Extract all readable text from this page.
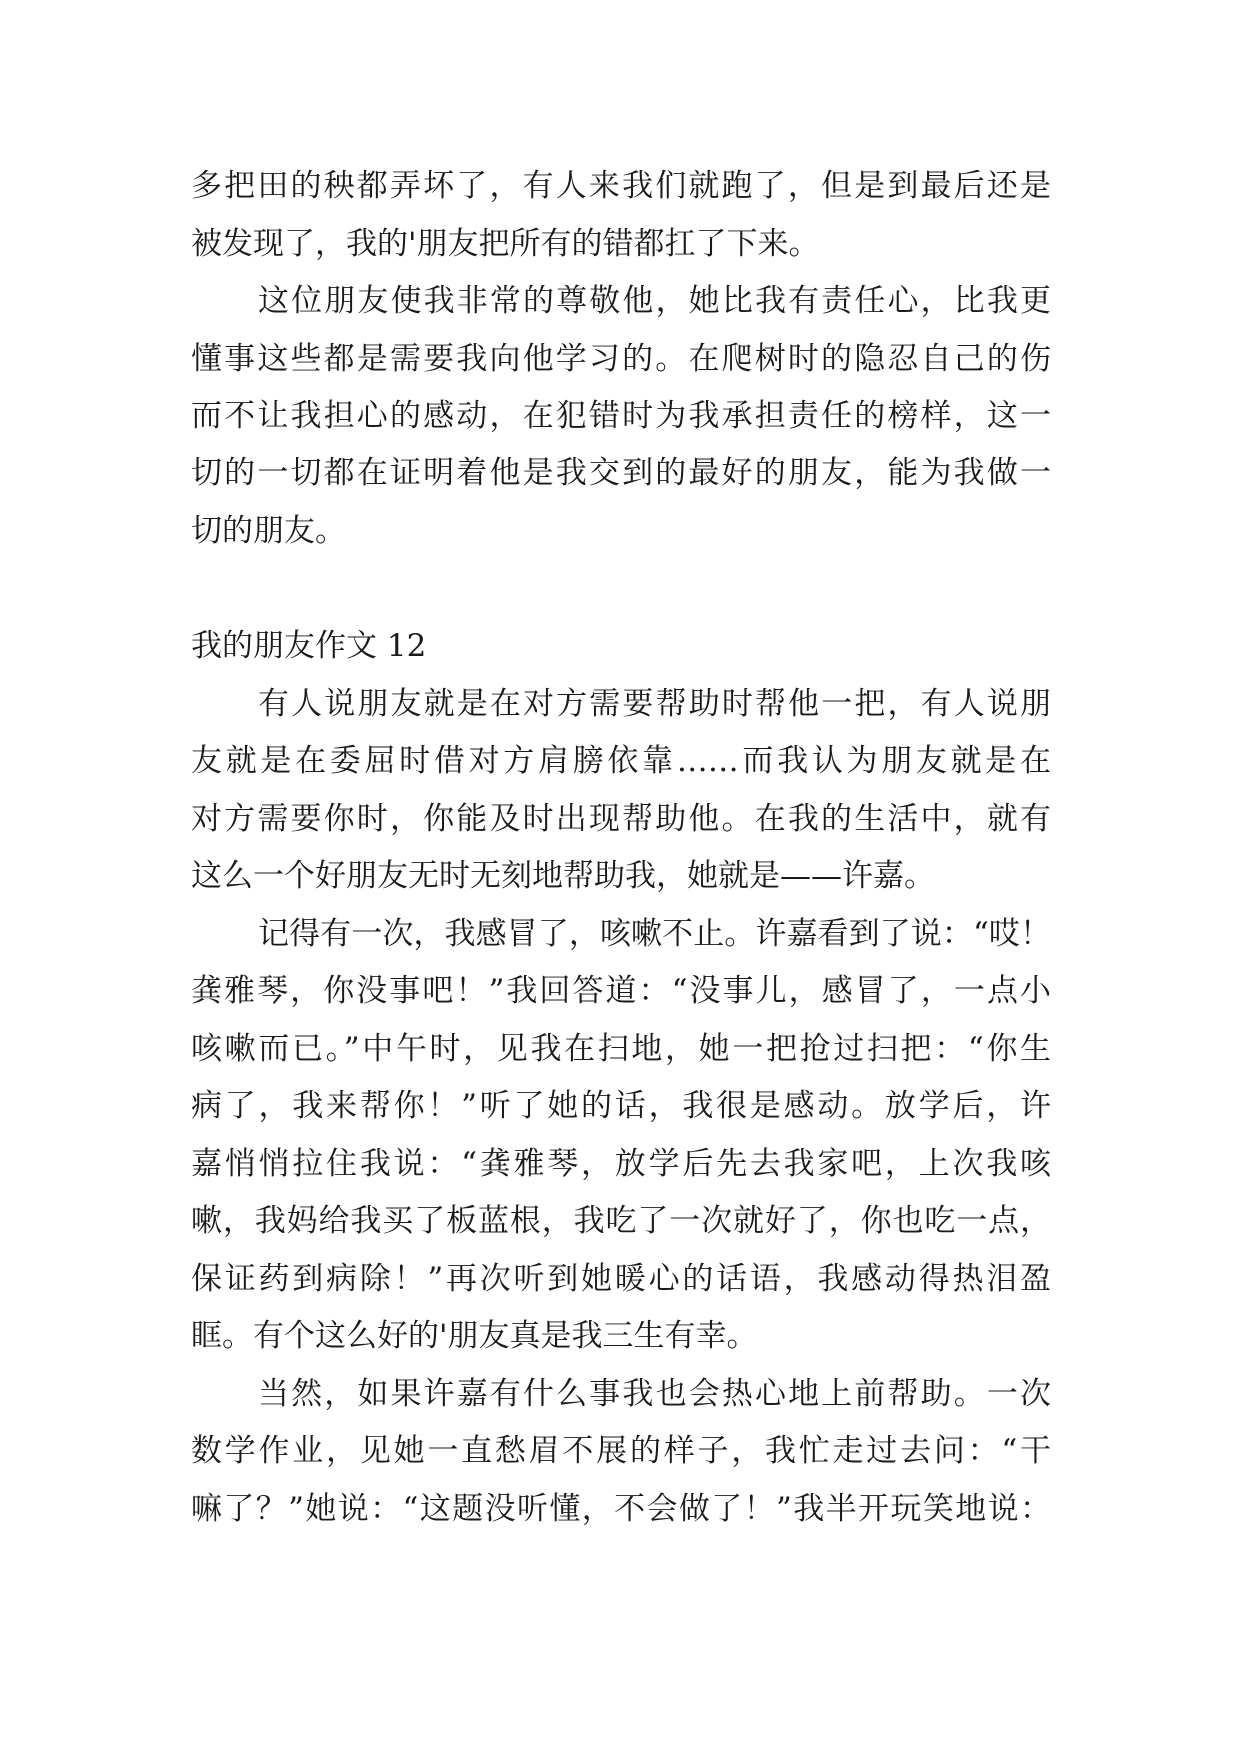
多把田的秧都弄坏了，有人来我们就跑了，但是到最后还是
被发现了，我的'朋友把所有的错都扛了下来。
这位朋友使我非常的尊敬他，她比我有责任心，比我更
懂事这些都是需要我向他学习的。在爬树时的隐忍自己的伤
而不让我担心的感动，在犯错时为我承担责任的榜样，这一
切的一切都在证明着他是我交到的最好的朋友，能为我做一
切的朋友。
我的朋友作文 12
有人说朋友就是在对方需要帮助时帮他一把，有人说朋
友就是在委屈时借对方肩膀依靠……而我认为朋友就是在
对方需要你时，你能及时出现帮助他。在我的生活中，就有
这么一个好朋友无时无刻地帮助我，她就是——许嘉。
记得有一次，我感冒了，咳嗽不止。许嘉看到了说：“哎！
龚雅琴，你没事吧！”我回答道：“没事儿，感冒了，一点小
咳嗽而已。”中午时，见我在扫地，她一把抢过扫把：“你生
病了，我来帮你！”听了她的话，我很是感动。放学后，许
嘉悄悄拉住我说：“龚雅琴，放学后先去我家吧，上次我咳
嗽，我妈给我买了板蓝根，我吃了一次就好了，你也吃一点，
保证药到病除！”再次听到她暖心的话语，我感动得热泪盈
眶。有个这么好的'朋友真是我三生有幸。
当然，如果许嘉有什么事我也会热心地上前帮助。一次
数学作业，见她一直愁眉不展的样子，我忙走过去问：“干
嘛了？”她说：“这题没听懂，不会做了！”我半开玩笑地说：
